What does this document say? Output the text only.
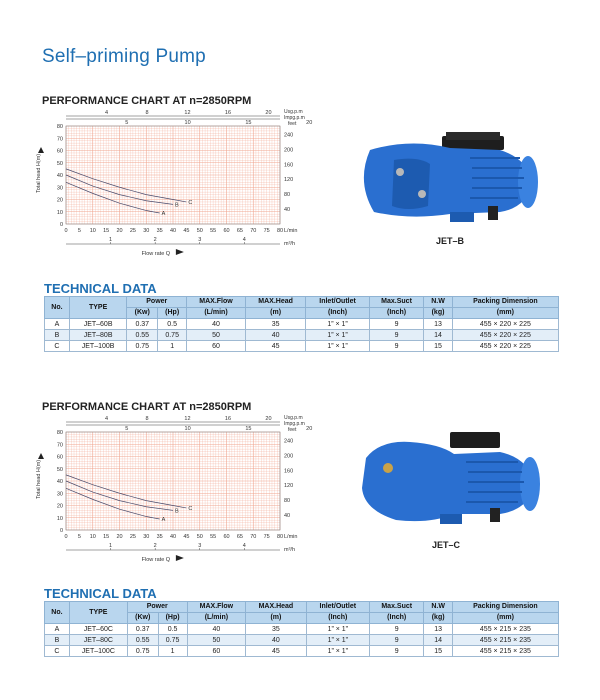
Self–priming Pump
PERFORMANCE CHART AT n=2850RPM
0 5 10 15 20 25 30 35 40 45 50 55 60 65 70 75 80 L/min
1	2	3	4
m³/h
4	8	12	16	20
5	10	15	20
Usg.p.m
Impg.p.m
feet
80
70
60
50
40
30
20
10
0
240
200
160
120
80
40
Total head H(m)
Flow rate Q
A
B C
JET–B
TECHNICAL DATA
No.	TYPE	Power		MAX.Flow	MAX.Head	Inlet/Outlet	Max.Suct	N.W	Packing Dimension
		(Kw)	(Hp)	(L/min)	(m)	(Inch)	(Inch)	(kg)	(mm)
A	JET–60B	0.37	0.5	40	35	1” × 1”	9	13	455 × 220 × 225
B	JET–80B	0.55	0.75	50	40	1” × 1”	9	14	455 × 220 × 225
C	JET–100B	0.75	1	60	45	1” × 1”	9	15	455 × 220 × 225
PERFORMANCE CHART AT n=2850RPM
0 5 10 15 20 25 30 35 40 45 50 55 60 65 70 75 80 L/min
1	2	3	4
m³/h
4	8	12	16	20
5	10	15	20
Usg.p.m
Impg.p.m
feet
80
70
60
50
40
30
20
10
0
240
200
160
120
80
40
Total head H(m)
Flow rate Q
A
B C
JET–C
TECHNICAL DATA
No.	TYPE	Power		MAX.Flow	MAX.Head	Inlet/Outlet	Max.Suct	N.W	Packing Dimension
		(Kw)	(Hp)	(L/min)	(m)	(Inch)	(Inch)	(kg)	(mm)
A	JET–60C	0.37	0.5	40	35	1” × 1”	9	13	455 × 215 × 235
B	JET–80C	0.55	0.75	50	40	1” × 1”	9	14	455 × 215 × 235
C	JET–100C	0.75	1	60	45	1” × 1”	9	15	455 × 215 × 235
